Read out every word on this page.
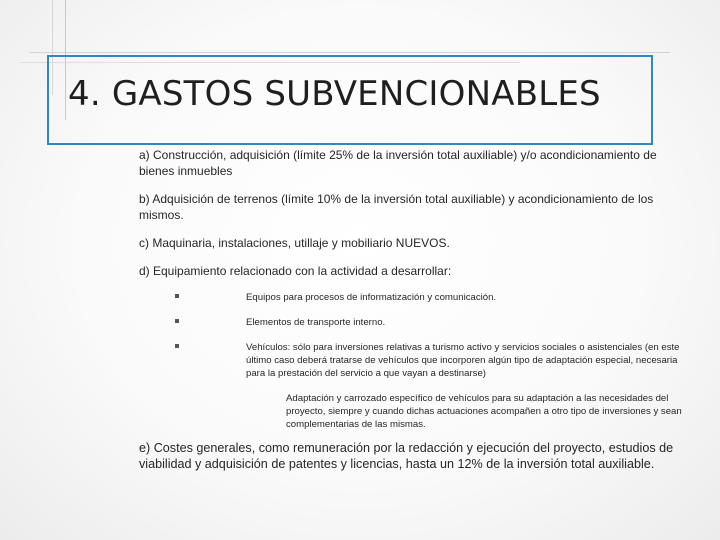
4. GASTOS SUBVENCIONABLES

a) Construcción, adquisición (límite 25% de la inversión total auxiliable) y/o acondicionamiento de bienes inmuebles

b) Adquisición de terrenos (límite 10% de la inversión total auxiliable) y acondicionamiento de los mismos.

c) Maquinaria, instalaciones, utillaje y mobiliario NUEVOS.

d) Equipamiento relacionado con la actividad a desarrollar:

Equipos para procesos de informatización y comunicación.
Elementos de transporte interno.
Vehículos: sólo para inversiones relativas a turismo activo y servicios sociales o asistenciales (en este último caso deberá tratarse de vehículos que incorporen algún tipo de adaptación especial, necesaria para la prestación del servicio a que vayan a destinarse)

Adaptación y carrozado específico de vehículos para su adaptación a las necesidades del proyecto, siempre y cuando dichas actuaciones acompañen a otro tipo de inversiones y sean complementarias de las mismas.

e) Costes generales, como remuneración por la redacción y ejecución del proyecto, estudios de viabilidad y adquisición de patentes y licencias, hasta un 12% de la inversión total auxiliable.
